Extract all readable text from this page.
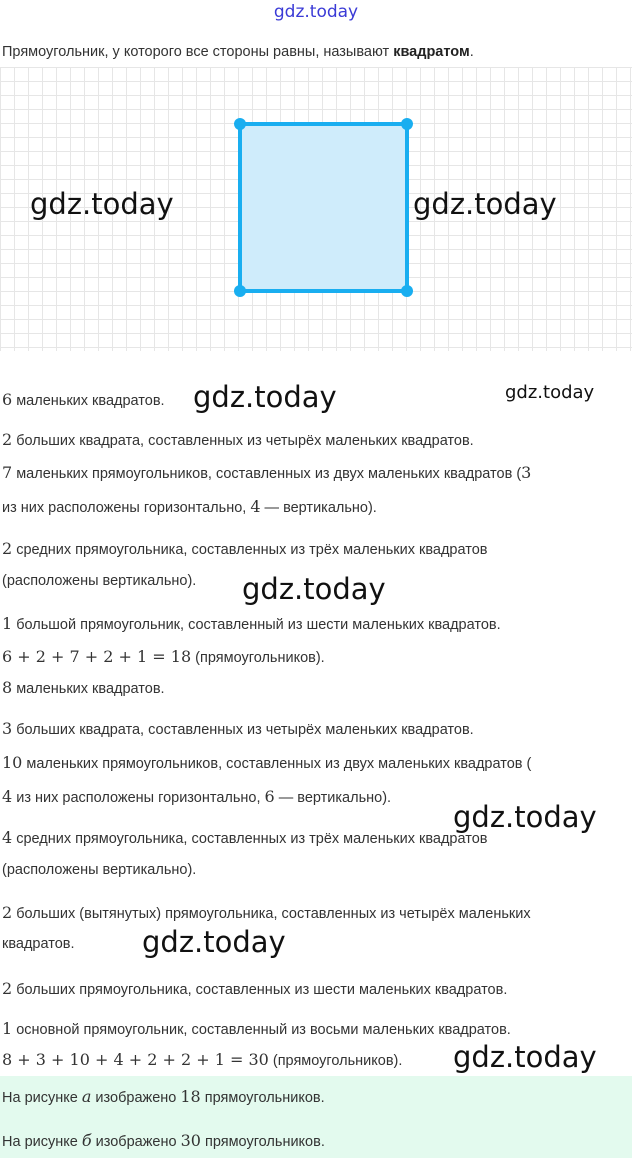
gdz.today
Прямоугольник, у которого все стороны равны, называют квадратом.
gdz.today	gdz.today
6 маленьких квадратов. gdz.today	gdz.today
2 больших квадрата, составленных из четырёх маленьких квадратов.
7 маленьких прямоугольников, составленных из двух маленьких квадратов (3
из них расположены горизонтально, 4 — вертикально).
2 средних прямоугольника, составленных из трёх маленьких квадратов
(расположены вертикально). gdz.today
1 большой прямоугольник, составленный из шести маленьких квадратов.
6 + 2 + 7 + 2 + 1 = 18 (прямоугольников).
8 маленьких квадратов.
3 больших квадрата, составленных из четырёх маленьких квадратов.
10 маленьких прямоугольников, составленных из двух маленьких квадратов (
4 из них расположены горизонтально, 6 — вертикально).
gdz.today
4 средних прямоугольника, составленных из трёх маленьких квадратов
(расположены вертикально).
2 больших (вытянутых) прямоугольника, составленных из четырёх маленьких
квадратов. gdz.today
2 больших прямоугольника, составленных из шести маленьких квадратов.
1 основной прямоугольник, составленный из восьми маленьких квадратов.
8 + 3 + 10 + 4 + 2 + 2 + 1 = 30 (прямоугольников). gdz.today
На рисунке а изображено 18 прямоугольников.
На рисунке б изображено 30 прямоугольников.
